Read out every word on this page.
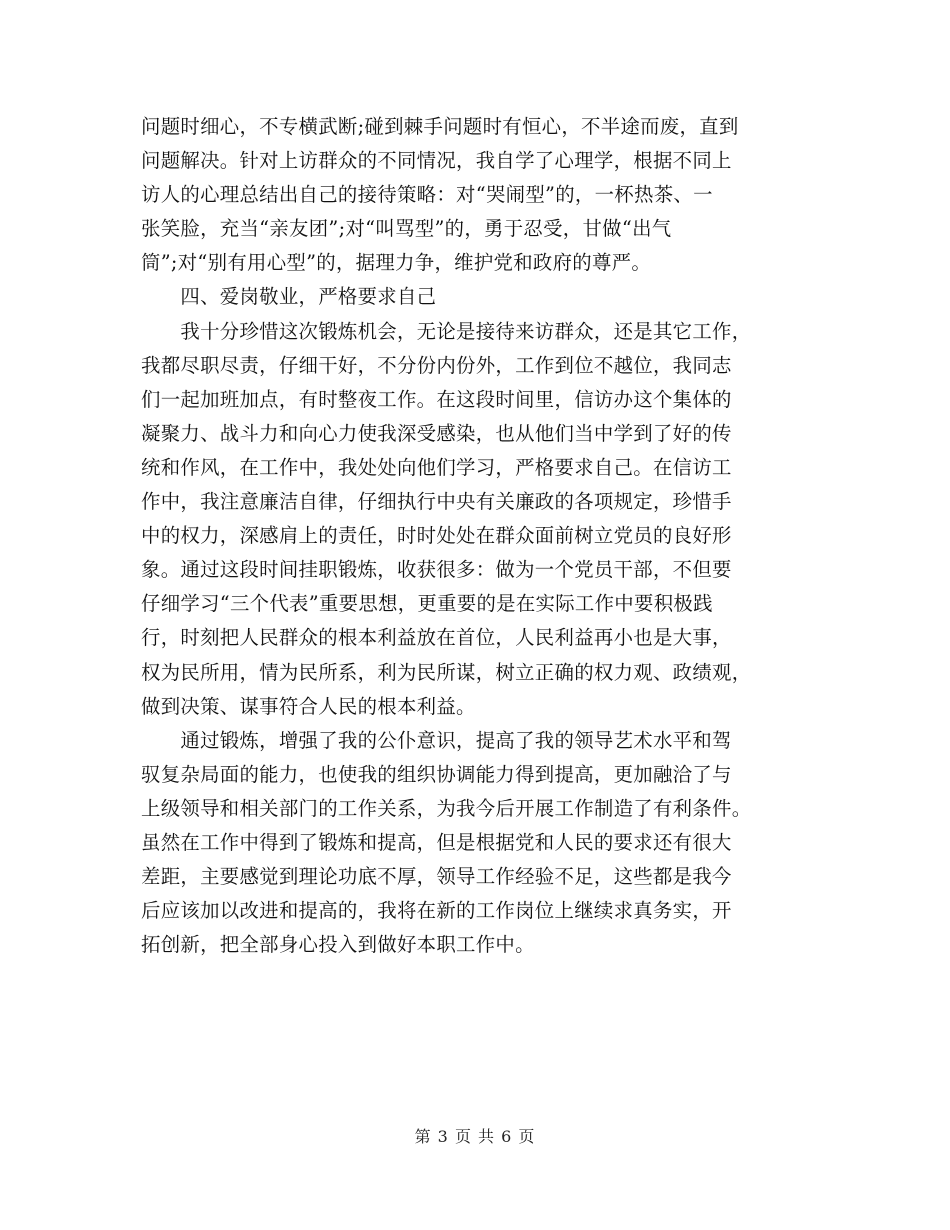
问题时细心，不专横武断;碰到棘手问题时有恒心，不半途而废，直到
问题解决。针对上访群众的不同情况，我自学了心理学，根据不同上
访人的心理总结出自己的接待策略：对“哭闹型”的，一杯热茶、一
张笑脸，充当“亲友团”;对“叫骂型”的，勇于忍受，甘做“出气
筒”;对“别有用心型”的，据理力争，维护党和政府的尊严。
　　四、爱岗敬业，严格要求自己
　　我十分珍惜这次锻炼机会，无论是接待来访群众，还是其它工作，
我都尽职尽责，仔细干好，不分份内份外，工作到位不越位，我同志
们一起加班加点，有时整夜工作。在这段时间里，信访办这个集体的
凝聚力、战斗力和向心力使我深受感染，也从他们当中学到了好的传
统和作风，在工作中，我处处向他们学习，严格要求自己。在信访工
作中，我注意廉洁自律，仔细执行中央有关廉政的各项规定，珍惜手
中的权力，深感肩上的责任，时时处处在群众面前树立党员的良好形
象。通过这段时间挂职锻炼，收获很多：做为一个党员干部，不但要
仔细学习“三个代表”重要思想，更重要的是在实际工作中要积极践
行，时刻把人民群众的根本利益放在首位，人民利益再小也是大事，
权为民所用，情为民所系，利为民所谋，树立正确的权力观、政绩观，
做到决策、谋事符合人民的根本利益。
　　通过锻炼，增强了我的公仆意识，提高了我的领导艺术水平和驾
驭复杂局面的能力，也使我的组织协调能力得到提高，更加融洽了与
上级领导和相关部门的工作关系，为我今后开展工作制造了有利条件。
虽然在工作中得到了锻炼和提高，但是根据党和人民的要求还有很大
差距，主要感觉到理论功底不厚，领导工作经验不足，这些都是我今
后应该加以改进和提高的，我将在新的工作岗位上继续求真务实，开
拓创新，把全部身心投入到做好本职工作中。
第 3 页 共 6 页
